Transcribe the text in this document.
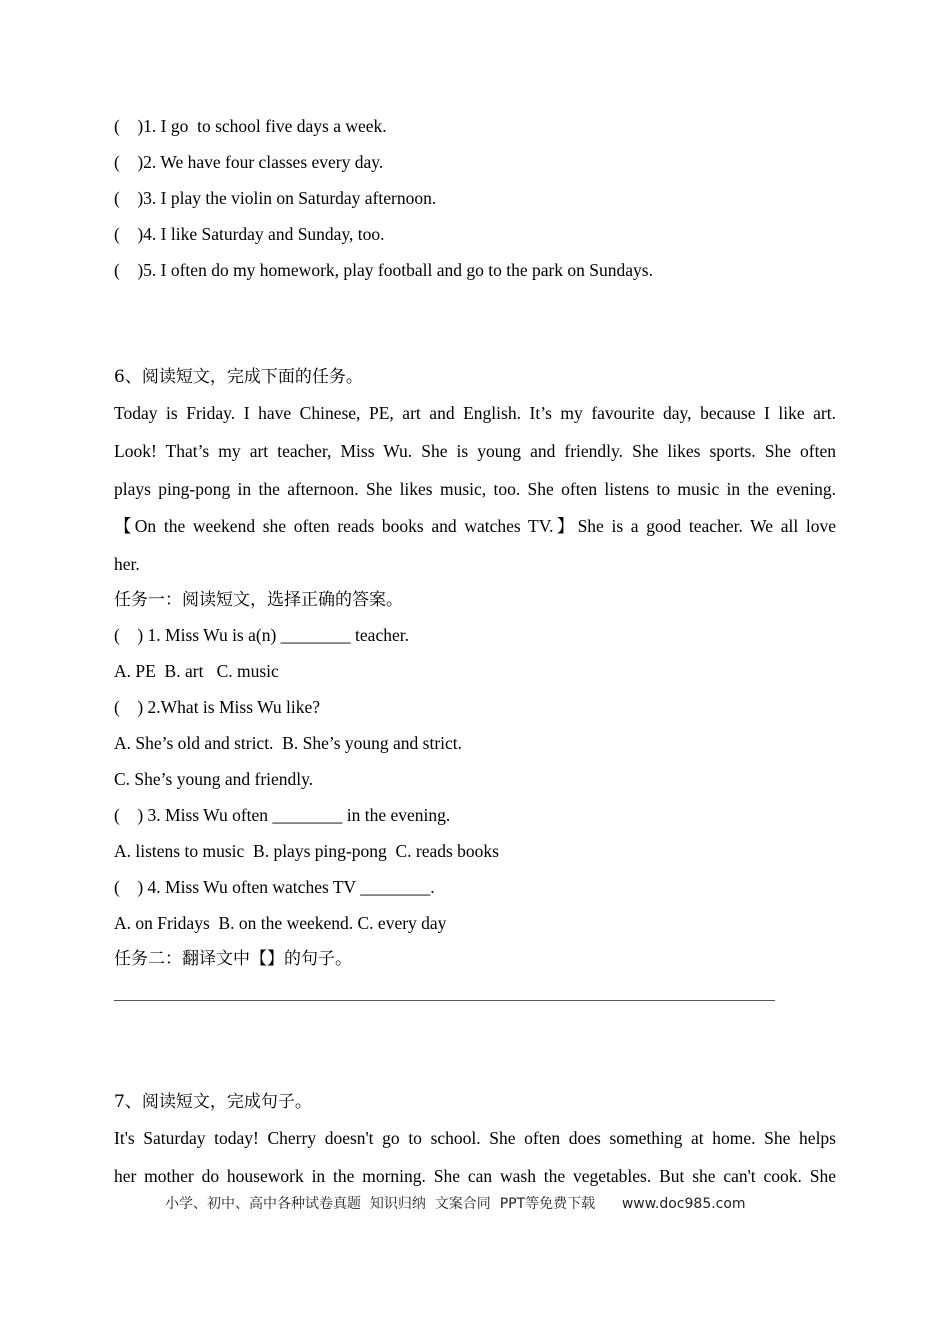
(    )1. I go  to school five days a week.
(    )2. We have four classes every day.
(    )3. I play the violin on Saturday afternoon.
(    )4. I like Saturday and Sunday, too.
(    )5. I often do my homework, play football and go to the park on Sundays.
6、阅读短文，完成下面的任务。
Today is Friday. I have Chinese, PE, art and English. It’s my favourite day, because I like art.
Look! That’s my art teacher, Miss Wu. She is young and friendly. She likes sports. She often
plays ping-pong in the afternoon. She likes music, too. She often listens to music in the evening.
【On the weekend she often reads books and watches TV.】She is a good teacher. We all love
her.
任务一：阅读短文，选择正确的答案。
(    ) 1. Miss Wu is a(n) ________ teacher.
A. PE  B. art   C. music
(    ) 2.What is Miss Wu like?
A. She’s old and strict.  B. She’s young and strict.
C. She’s young and friendly.
(    ) 3. Miss Wu often ________ in the evening.
A. listens to music  B. plays ping-pong  C. reads books
(    ) 4. Miss Wu often watches TV ________.
A. on Fridays  B. on the weekend. C. every day
任务二：翻译文中【】的句子。
7、阅读短文，完成句子。
It's Saturday today! Cherry doesn't go to school. She often does something at home. She helps
her mother do housework in the morning. She can wash the vegetables. But she can't cook. She
小学、初中、高中各种试卷真题  知识归纳  文案合同  PPT等免费下载      www.doc985.com
